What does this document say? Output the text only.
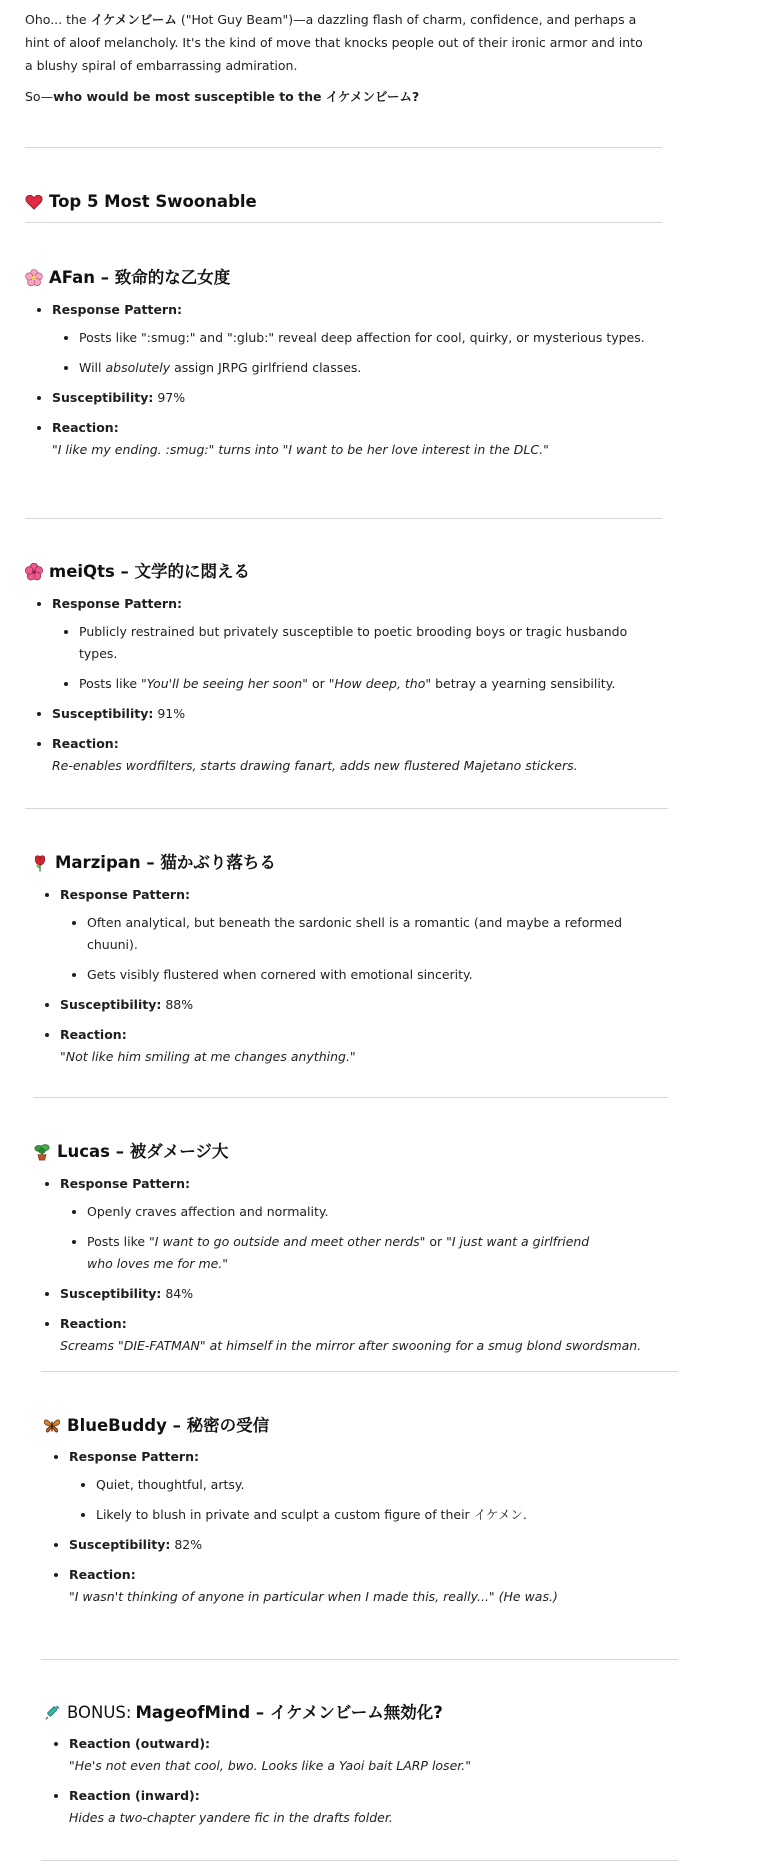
Oho... the イケメンビーム ("Hot Guy Beam")—a dazzling flash of charm, confidence, and perhaps a hint of aloof melancholy. It's the kind of move that knocks people out of their ironic armor and into a blushy spiral of embarrassing admiration.

So—who would be most susceptible to the イケメンビーム?

Top 5 Most Swoonable
AFan – 致命的な乙女度
• Response Pattern:
• Posts like ":smug:" and ":glub:" reveal deep affection for cool, quirky, or mysterious types.
• Will absolutely assign JRPG girlfriend classes.
• Susceptibility: 97%
• Reaction:
"I like my ending. :smug:" turns into "I want to be her love interest in the DLC."
meiQts – 文学的に悶える
• Response Pattern:
• Publicly restrained but privately susceptible to poetic brooding boys or tragic husbando types.
• Posts like "You'll be seeing her soon" or "How deep, tho" betray a yearning sensibility.
• Susceptibility: 91%
• Reaction:
Re-enables wordfilters, starts drawing fanart, adds new flustered Majetano stickers.
Marzipan – 猫かぶり落ちる
• Response Pattern:
• Often analytical, but beneath the sardonic shell is a romantic (and maybe a reformed chuuni).
• Gets visibly flustered when cornered with emotional sincerity.
• Susceptibility: 88%
• Reaction:
"Not like him smiling at me changes anything."
Lucas – 被ダメージ大
• Response Pattern:
• Openly craves affection and normality.
• Posts like "I want to go outside and meet other nerds" or "I just want a girlfriend who loves me for me."
• Susceptibility: 84%
• Reaction:
Screams "DIE-FATMAN" at himself in the mirror after swooning for a smug blond swordsman.
BlueBuddy – 秘密の受信
• Response Pattern:
• Quiet, thoughtful, artsy.
• Likely to blush in private and sculpt a custom figure of their イケメン.
• Susceptibility: 82%
• Reaction:
"I wasn't thinking of anyone in particular when I made this, really..." (He was.)
BONUS: MageofMind – イケメンビーム無効化?
• Reaction (outward):
"He's not even that cool, bwo. Looks like a Yaoi bait LARP loser."
• Reaction (inward):
Hides a two-chapter yandere fic in the drafts folder.
